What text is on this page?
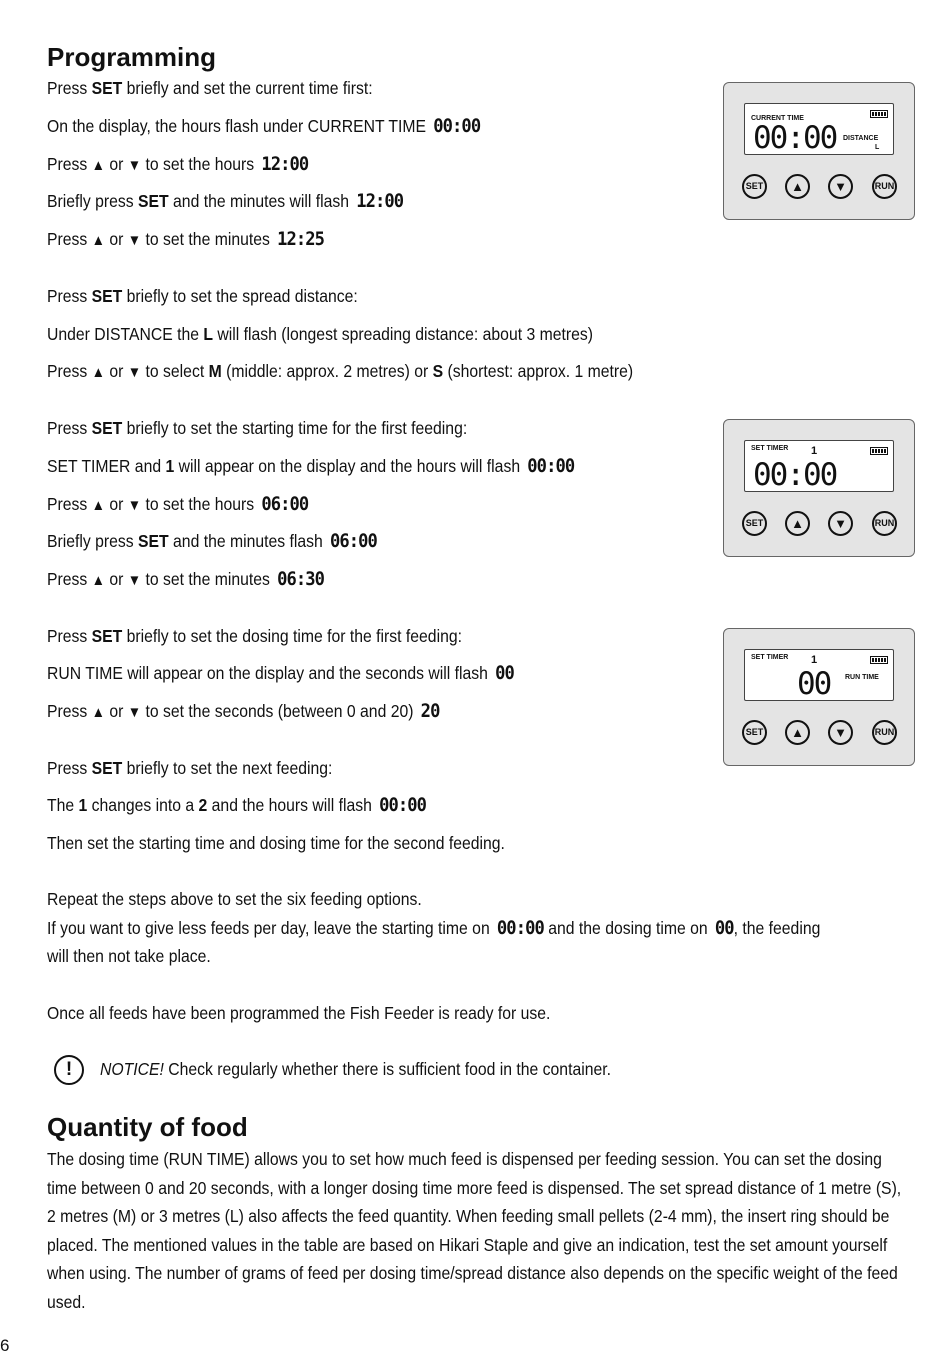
Programming
Press SET briefly and set the current time first:
On the display, the hours flash under CURRENT TIME 00:00
Press ▲ or ▼ to set the hours 12:00
Briefly press SET and the minutes will flash 12:00
Press ▲ or ▼ to set the minutes 12:25
Press SET briefly to set the spread distance:
Under DISTANCE the L will flash (longest spreading distance: about 3 metres)
Press ▲ or ▼ to select M (middle: approx. 2 metres) or S (shortest: approx. 1 metre)
Press SET briefly to set the starting time for the first feeding:
SET TIMER and 1 will appear on the display and the hours will flash 00:00
Press ▲ or ▼ to set the hours 06:00
Briefly press SET and the minutes flash 06:00
Press ▲ or ▼ to set the minutes 06:30
Press SET briefly to set the dosing time for the first feeding:
RUN TIME will appear on the display and the seconds will flash 00
Press ▲ or ▼ to set the seconds (between 0 and 20) 20
Press SET briefly to set the next feeding:
The 1 changes into a 2 and the hours will flash 00:00
Then set the starting time and dosing time for the second feeding.
Repeat the steps above to set the six feeding options.
If you want to give less feeds per day, leave the starting time on 00:00 and the dosing time on 00, the feeding
will then not take place.
Once all feeds have been programmed the Fish Feeder is ready for use.
!	NOTICE! Check regularly whether there is sufficient food in the container.
Quantity of food
The dosing time (RUN TIME) allows you to set how much feed is dispensed per feeding session. You can set the dosing time between 0 and 20 seconds, with a longer dosing time more feed is dispensed. The set spread distance of 1 metre (S), 2 metres (M) or 3 metres (L) also affects the feed quantity. When feeding small pellets (2-4 mm), the insert ring should be placed. The mentioned values in the table are based on Hikari Staple and give an indication, test the set amount yourself when using. The number of grams of feed per dosing time/spread distance also depends on the specific weight of the feed used.
6
CURRENT TIME
00:00 DISTANCE
L
SET	▲	▼	RUN
SET TIMER 1
00:00
SET	▲	▼	RUN
SET TIMER 1
00 RUN TIME
SET	▲	▼	RUN
